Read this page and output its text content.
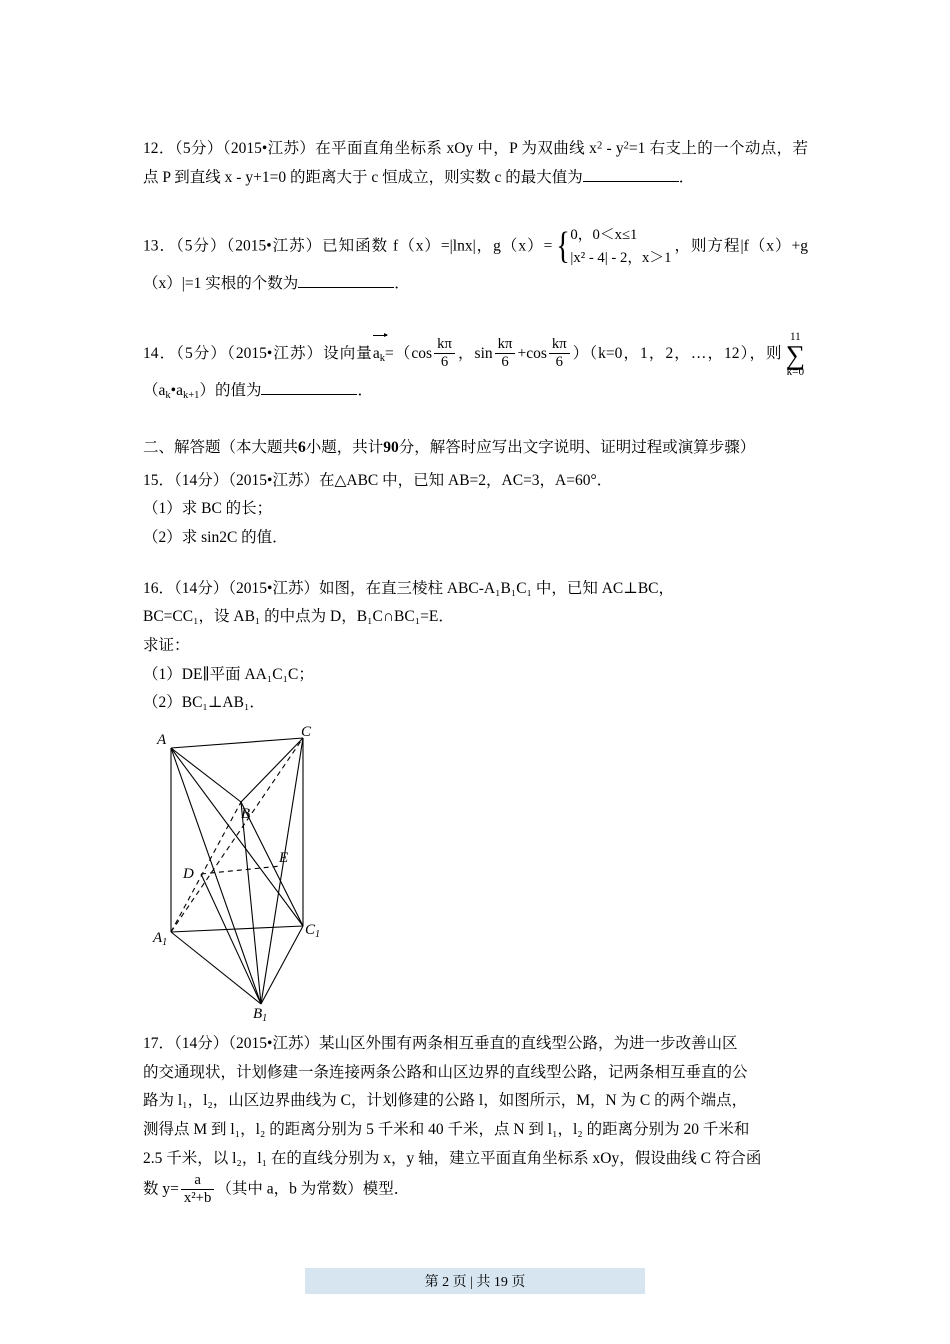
12．（5分）（2015•江苏）在平面直角坐标系 xOy 中，P 为双曲线 $x^2 - y^2=1$ 右支上的一个动点，若点 P 到直线 x - y+1=0 的距离大于 c 恒成立，则实数 c 的最大值为	．

13．（5分）（2015•江苏）已知函数 f（x）=|lnx|，g（x）= { 0，0＜x≤1
|x² - 4| - 2，x＞1
，则方程|f（x）+g（x）|=1 实根的个数为	．

14．（5分）（2015•江苏）设向量
$a_k=(\cos \frac{k\pi}{6}$ ，$\sin \frac{k\pi}{6} +\cos \frac{k\pi}{6} )(k=0$，1，2，…，12），则
11
∑
k=0
$(a_k•a_{k+1})$的值为	．

二、解答题（本大题共6小题，共计90分，解答时应写出文字说明、证明过程或演算步骤）

15．（14分）（2015•江苏）在△ABC 中，已知 AB=2，AC=3，A=60°．

（1）求 BC 的长；

（2）求 sin2C 的值．

16．（14分）（2015•江苏）如图，在直三棱柱 ABC‑A₁B₁C₁ 中，已知 AC⊥BC，

BC=CC₁，设 AB₁ 的中点为 D，B₁C∩BC₁=E．

求证：

（1）DE∥平面 AA₁C₁C；

（2）BC₁⊥AB₁．

A	C
B
D
E
$A_1$
$C_1$
$B_1$

17．（14分）（2015•江苏）某山区外围有两条相互垂直的直线型公路，为进一步改善山区

的交通现状，计划修建一条连接两条公路和山区边界的直线型公路，记两条相互垂直的公

路为 l₁，l₂，山区边界曲线为 C，计划修建的公路 l，如图所示，M，N 为 C 的两个端点，

测得点 M 到 l₁，l₂ 的距离分别为 5 千米和 40 千米，点 N 到 l₁，l₂ 的距离分别为 20 千米和

2.5 千米，以 l₂，l₁ 在的直线分别为 x，y 轴，建立平面直角坐标系 xOy，假设曲线 C 符合函

数 $y= \frac{a}{\text{x²+b}}$ （其中 a，b 为常数）模型．

第 2 页 | 共 19 页
